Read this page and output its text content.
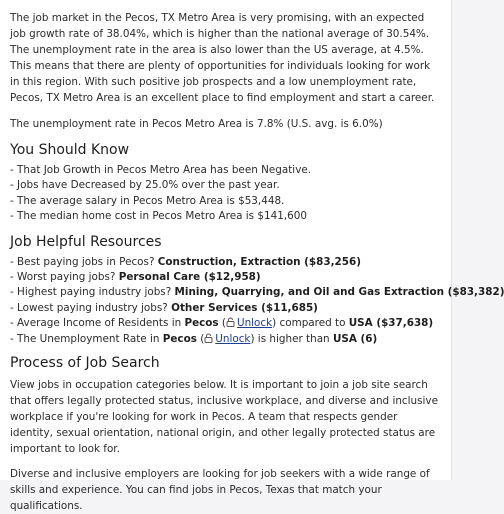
The job market in the Pecos, TX Metro Area is very promising, with an expected job growth rate of 38.04%, which is higher than the national average of 30.54%. The unemployment rate in the area is also lower than the US average, at 4.5%. This means that there are plenty of opportunities for individuals looking for work in this region. With such positive job prospects and a low unemployment rate, Pecos, TX Metro Area is an excellent place to find employment and start a career.

The unemployment rate in Pecos Metro Area is 7.8% (U.S. avg. is 6.0%)

You Should Know
- That Job Growth in Pecos Metro Area has been Negative.
- Jobs have Decreased by 25.0% over the past year.
- The average salary in Pecos Metro Area is $53,448.
- The median home cost in Pecos Metro Area is $141,600
Job Helpful Resources
- Best paying jobs in Pecos? Construction, Extraction ($83,256)
- Worst paying jobs? Personal Care ($12,958)
- Highest paying industry jobs? Mining, Quarrying, and Oil and Gas Extraction ($83,382)
- Lowest paying industry jobs? Other Services ($11,685)
- Average Income of Residents in Pecos ( Unlock) compared to USA ($37,638)
- The Unemployment Rate in Pecos ( Unlock) is higher than USA (6)
Process of Job Search

View jobs in occupation categories below. It is important to join a job site search that offers legally protected status, inclusive workplace, and diverse and inclusive workplace if you're looking for work in Pecos. A team that respects gender identity, sexual orientation, national origin, and other legally protected status are important to look for.

Diverse and inclusive employers are looking for job seekers with a wide range of skills and experience. You can find jobs in Pecos, Texas that match your qualifications.
